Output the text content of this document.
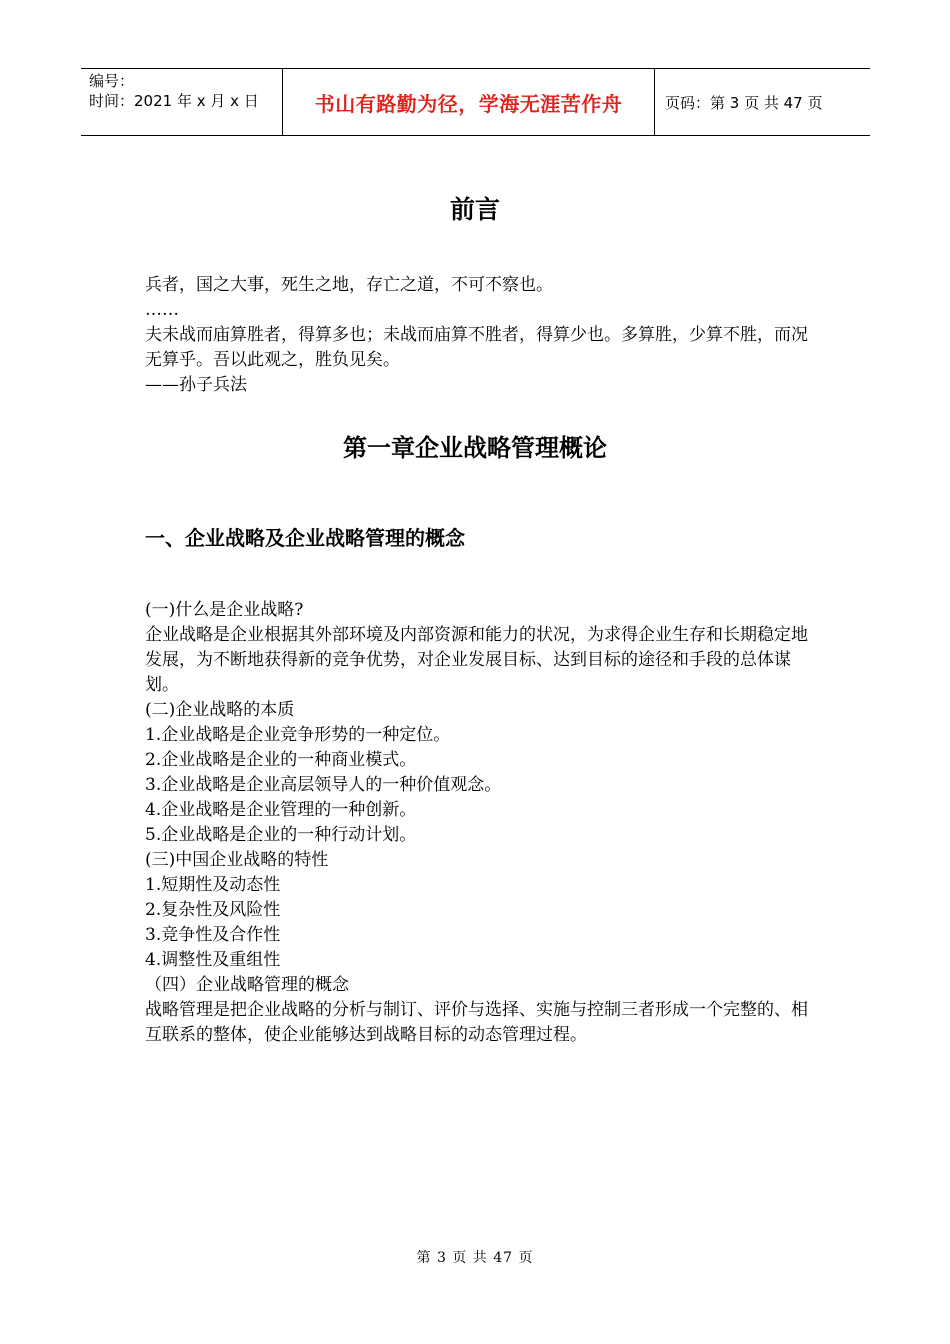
编号：
时间：2021 年 x 月 x 日	书山有路勤为径，学海无涯苦作舟	页码：第 3 页 共 47 页
前言

兵者，国之大事，死生之地，存亡之道，不可不察也。

……

夫未战而庙算胜者，得算多也；未战而庙算不胜者，得算少也。多算胜，少算不胜，而况无算乎。吾以此观之，胜负见矣。

——孙子兵法

第一章企业战略管理概论
一、企业战略及企业战略管理的概念

(一)什么是企业战略?

企业战略是企业根据其外部环境及内部资源和能力的状况，为求得企业生存和长期稳定地发展，为不断地获得新的竞争优势，对企业发展目标、达到目标的途径和手段的总体谋划。

(二)企业战略的本质

1.企业战略是企业竞争形势的一种定位。

2.企业战略是企业的一种商业模式。

3.企业战略是企业高层领导人的一种价值观念。

4.企业战略是企业管理的一种创新。

5.企业战略是企业的一种行动计划。

(三)中国企业战略的特性

1.短期性及动态性

2.复杂性及风险性

3.竞争性及合作性

4.调整性及重组性

（四）企业战略管理的概念

战略管理是把企业战略的分析与制订、评价与选择、实施与控制三者形成一个完整的、相互联系的整体，使企业能够达到战略目标的动态管理过程。

第 3 页 共 47 页
